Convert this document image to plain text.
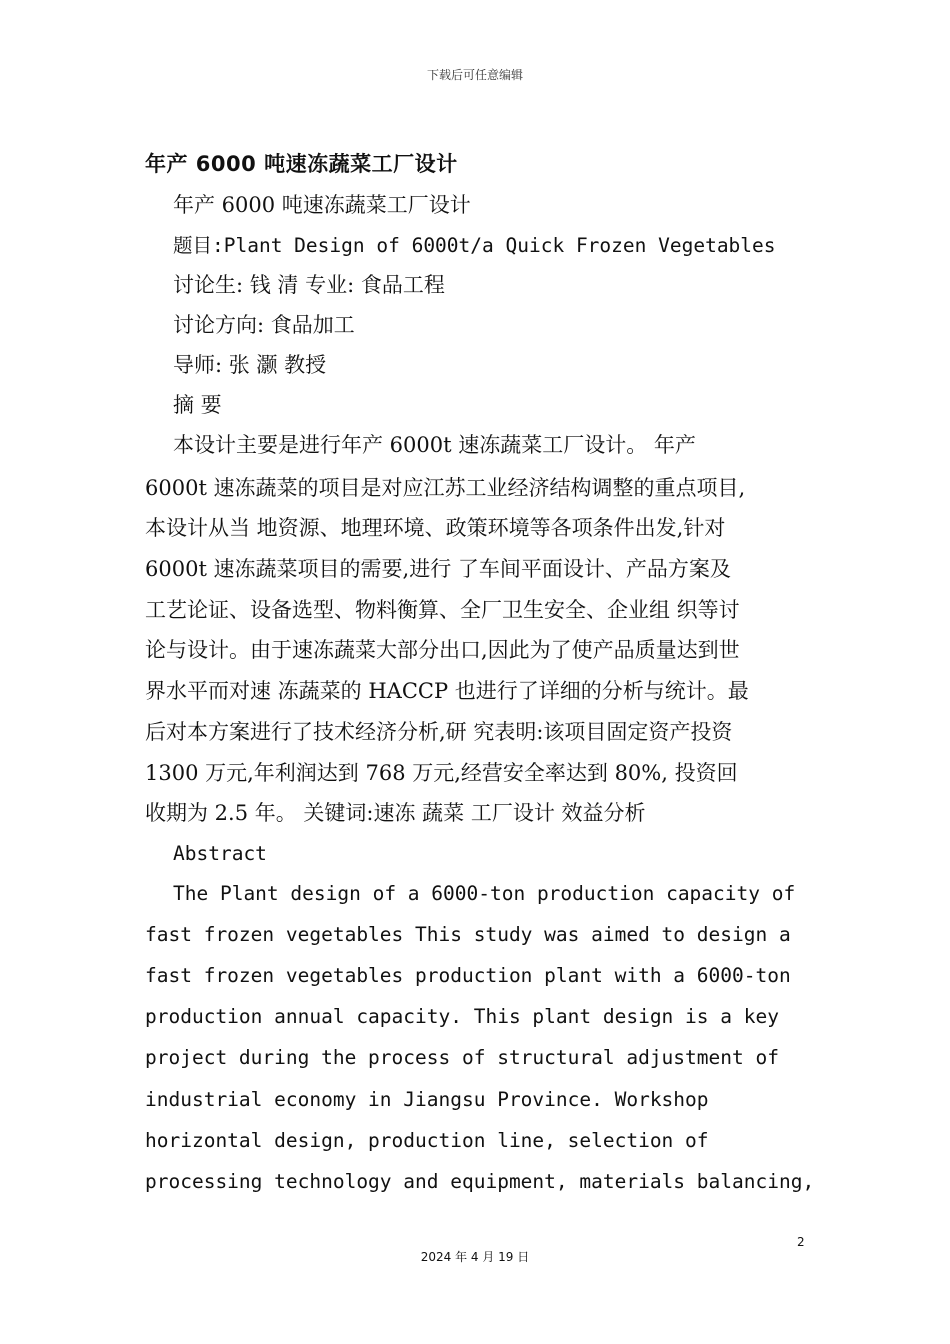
下载后可任意编辑
年产 6000 吨速冻蔬菜工厂设计
年产 6000 吨速冻蔬菜工厂设计
题目:Plant Design of 6000t/a Quick Frozen Vegetables
讨论生: 钱 清 专业: 食品工程
讨论方向: 食品加工
导师: 张 灏 教授
摘 要
本设计主要是进行年产 6000t 速冻蔬菜工厂设计。 年产
6000t 速冻蔬菜的项目是对应江苏工业经济结构调整的重点项目,
本设计从当 地资源、地理环境、政策环境等各项条件出发,针对
6000t 速冻蔬菜项目的需要,进行 了车间平面设计、产品方案及
工艺论证、设备选型、物料衡算、全厂卫生安全、企业组 织等讨
论与设计。由于速冻蔬菜大部分出口,因此为了使产品质量达到世
界水平而对速 冻蔬菜的 HACCP 也进行了详细的分析与统计。最
后对本方案进行了技术经济分析,研 究表明:该项目固定资产投资
1300 万元,年利润达到 768 万元,经营安全率达到 80%, 投资回
收期为 2.5 年。 关键词:速冻 蔬菜 工厂设计 效益分析
Abstract
The Plant design of a 6000-ton production capacity of
fast frozen vegetables This study was aimed to design a
fast frozen vegetables production plant with a 6000-ton
production annual capacity. This plant design is a key
project during the process of structural adjustment of
industrial economy in Jiangsu Province. Workshop
horizontal design, production line, selection of
processing technology and equipment, materials balancing,
2
2024 年 4 月 19 日
